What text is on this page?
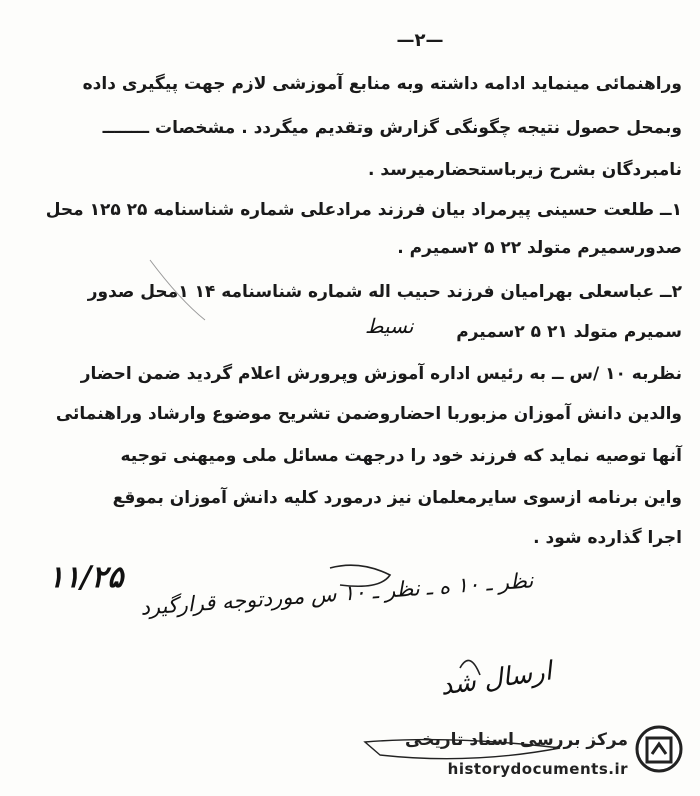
—۲—
وراهنمائی مینماید ادامه داشته وبه منابع آموزشی لازم جهت پیگیری داده
وبمحل حصول نتیجه چگونگی گزارش وتقدیم میگردد . مشخصات ــــــــ
نامبردگان بشرح زیرباستحضارمیرسد .
۱ــ طلعت حسینی پیرمراد بیان فرزند مرادعلی شماره شناسنامه ۲۵ ۱۲۵ محل
صدورسمیرم متولد ۲۲ ۵ ۲سمیرم .
۲ــ عباسعلی بهرامیان فرزند حبیب اله شماره شناسنامه ۱۴ ۱محل صدور
سمیرم متولد ۲۱ ۵ ۲سمیرم
نظربه ۱۰ /س ــ به رئیس اداره آموزش وپرورش اعلام گردید ضمن احضار
والدین دانش آموزان مزبوربا احضاروضمن تشریح موضوع وارشاد وراهنمائی
آنها توصیه نماید که فرزند خود را درجهت مسائل ملی ومیهنی توجیه
واین برنامه ازسوی سایرمعلمان نیز درمورد کلیه دانش آموزان بموقع
اجرا گذارده شود .
نسیط
۱۱/۲۵
نظر ـ ۱۰ ه ـ نظر ـ ۱۰ س موردتوجه قرارگیرد
ارسال شد
مرکز بررسی اسناد تاریخی
historydocuments.ir
